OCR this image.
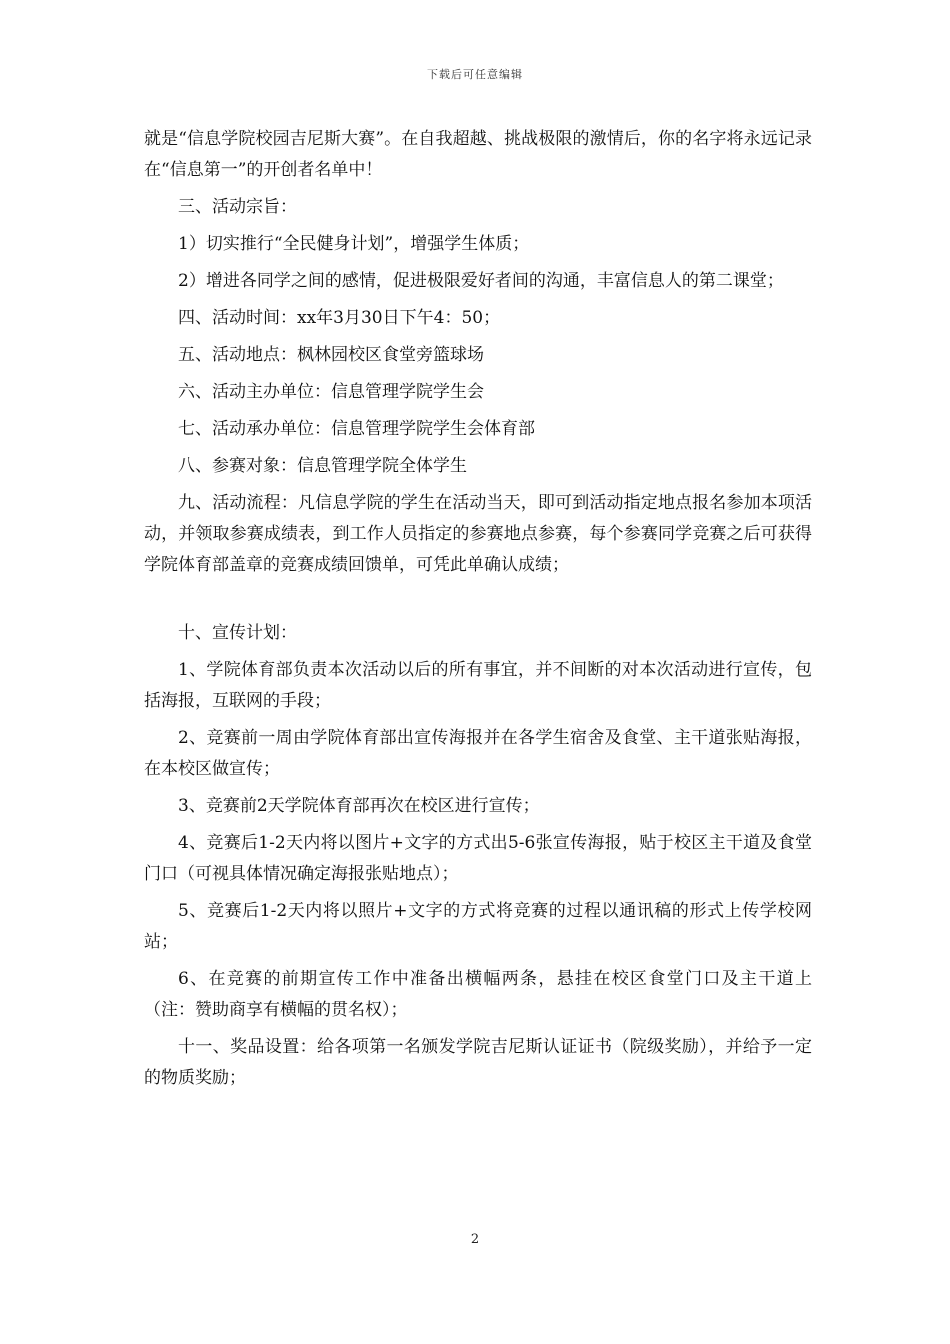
下载后可任意编辑

就是“信息学院校园吉尼斯大赛”。在自我超越、挑战极限的激情后，你的名字将永远记录在“信息第一”的开创者名单中！

三、活动宗旨：

1）切实推行“全民健身计划”，增强学生体质；

2）增进各同学之间的感情，促进极限爱好者间的沟通，丰富信息人的第二课堂；

四、活动时间：xx年3月30日下午4：50；

五、活动地点：枫林园校区食堂旁篮球场

六、活动主办单位：信息管理学院学生会

七、活动承办单位：信息管理学院学生会体育部

八、参赛对象：信息管理学院全体学生

九、活动流程：凡信息学院的学生在活动当天，即可到活动指定地点报名参加本项活动，并领取参赛成绩表，到工作人员指定的参赛地点参赛，每个参赛同学竞赛之后可获得学院体育部盖章的竞赛成绩回馈单，可凭此单确认成绩；

十、宣传计划：

1、学院体育部负责本次活动以后的所有事宜，并不间断的对本次活动进行宣传，包括海报，互联网的手段；

2、竞赛前一周由学院体育部出宣传海报并在各学生宿舍及食堂、主干道张贴海报，在本校区做宣传；

3、竞赛前2天学院体育部再次在校区进行宣传；

4、竞赛后1-2天内将以图片+文字的方式出5-6张宣传海报，贴于校区主干道及食堂门口（可视具体情况确定海报张贴地点）；

5、竞赛后1-2天内将以照片+文字的方式将竞赛的过程以通讯稿的形式上传学校网站；

6、在竞赛的前期宣传工作中准备出横幅两条，悬挂在校区食堂门口及主干道上（注：赞助商享有横幅的贯名权）；

十一、奖品设置：给各项第一名颁发学院吉尼斯认证证书（院级奖励），并给予一定的物质奖励；

2
